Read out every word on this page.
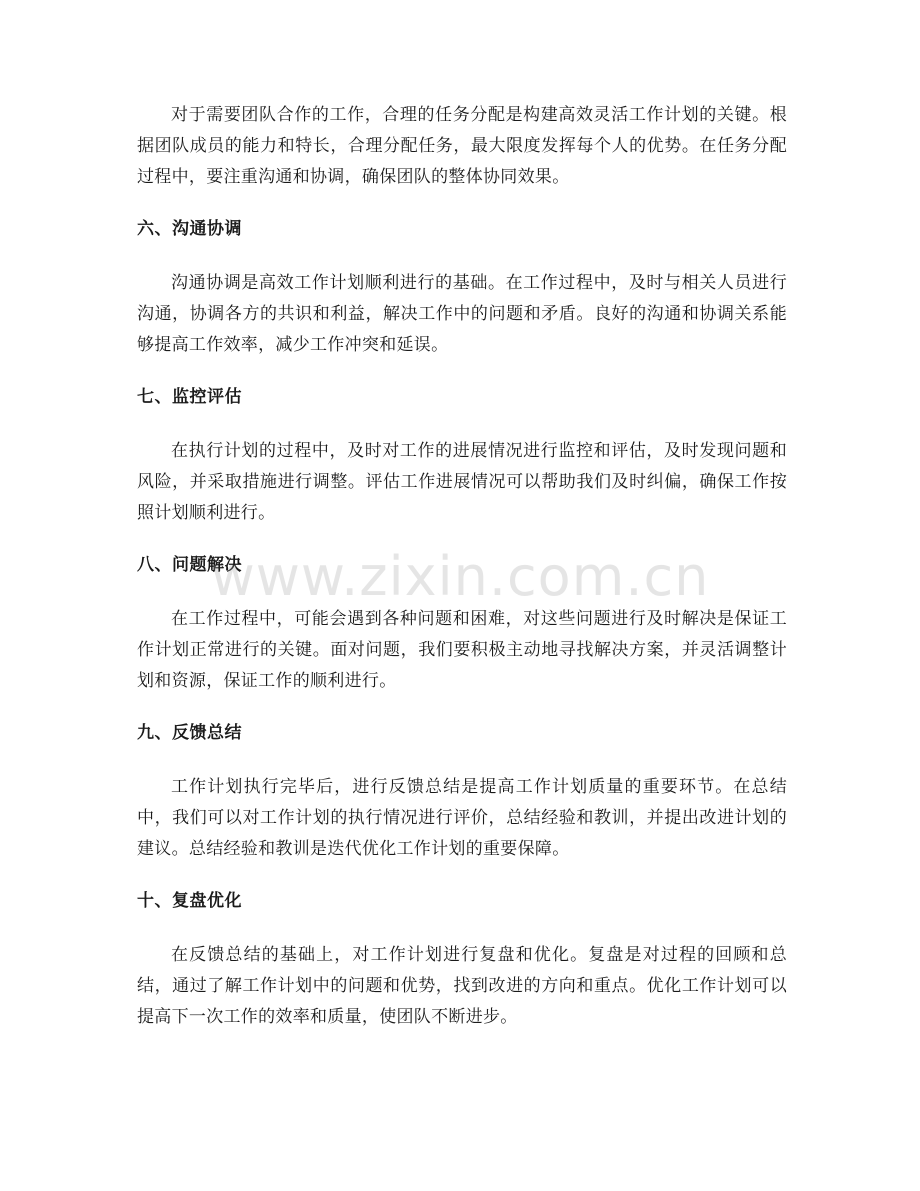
对于需要团队合作的工作，合理的任务分配是构建高效灵活工作计划的关键。根据团队成员的能力和特长，合理分配任务，最大限度发挥每个人的优势。在任务分配过程中，要注重沟通和协调，确保团队的整体协同效果。

六、沟通协调

沟通协调是高效工作计划顺利进行的基础。在工作过程中，及时与相关人员进行沟通，协调各方的共识和利益，解决工作中的问题和矛盾。良好的沟通和协调关系能够提高工作效率，减少工作冲突和延误。

七、监控评估

在执行计划的过程中，及时对工作的进展情况进行监控和评估，及时发现问题和风险，并采取措施进行调整。评估工作进展情况可以帮助我们及时纠偏，确保工作按照计划顺利进行。

八、问题解决

在工作过程中，可能会遇到各种问题和困难，对这些问题进行及时解决是保证工作计划正常进行的关键。面对问题，我们要积极主动地寻找解决方案，并灵活调整计划和资源，保证工作的顺利进行。

九、反馈总结

工作计划执行完毕后，进行反馈总结是提高工作计划质量的重要环节。在总结中，我们可以对工作计划的执行情况进行评价，总结经验和教训，并提出改进计划的建议。总结经验和教训是迭代优化工作计划的重要保障。

十、复盘优化

在反馈总结的基础上，对工作计划进行复盘和优化。复盘是对过程的回顾和总结，通过了解工作计划中的问题和优势，找到改进的方向和重点。优化工作计划可以提高下一次工作的效率和质量，使团队不断进步。

www.zixin.com.cn
